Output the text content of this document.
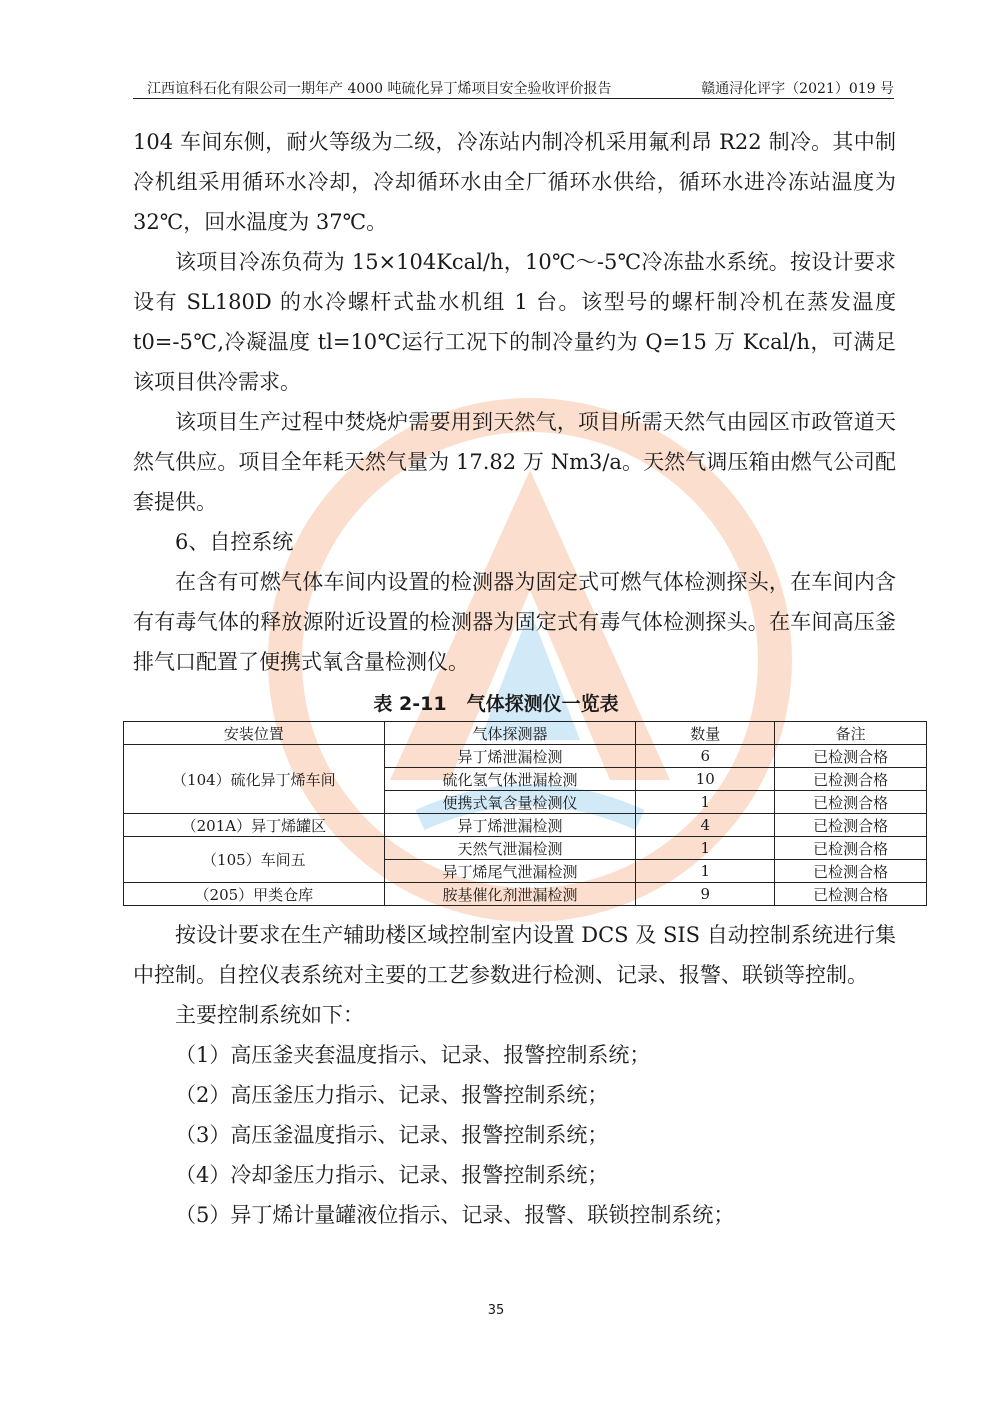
江西谊科石化有限公司一期年产 4000 吨硫化异丁烯项目安全验收评价报告	赣通浔化评字（2021）019 号

104 车间东侧，耐火等级为二级，冷冻站内制冷机采用氟利昂 R22 制冷。其中制冷机组采用循环水冷却，冷却循环水由全厂循环水供给，循环水进冷冻站温度为 32℃，回水温度为 37℃。

该项目冷冻负荷为 15×104Kcal/h，10℃～-5℃冷冻盐水系统。按设计要求设有 SL180D 的水冷螺杆式盐水机组 1 台。该型号的螺杆制冷机在蒸发温度 t0=-5℃,冷凝温度 tl=10℃运行工况下的制冷量约为 Q=15 万 Kcal/h，可满足该项目供冷需求。

该项目生产过程中焚烧炉需要用到天然气，项目所需天然气由园区市政管道天然气供应。项目全年耗天然气量为 17.82 万 Nm3/a。天然气调压箱由燃气公司配套提供。

6、自控系统

在含有可燃气体车间内设置的检测器为固定式可燃气体检测探头，在车间内含有有毒气体的释放源附近设置的检测器为固定式有毒气体检测探头。在车间高压釜排气口配置了便携式氧含量检测仪。

表 2-11 气体探测仪一览表
安装位置	气体探测器	数量	备注
（104）硫化异丁烯车间	异丁烯泄漏检测	6	已检测合格
	硫化氢气体泄漏检测	10	已检测合格
	便携式氧含量检测仪	1	已检测合格
（201A）异丁烯罐区	异丁烯泄漏检测	4	已检测合格
（105）车间五	天然气泄漏检测	1	已检测合格
	异丁烯尾气泄漏检测	1	已检测合格
（205）甲类仓库	胺基催化剂泄漏检测	9	已检测合格

按设计要求在生产辅助楼区域控制室内设置 DCS 及 SIS 自动控制系统进行集中控制。自控仪表系统对主要的工艺参数进行检测、记录、报警、联锁等控制。

主要控制系统如下：

（1）高压釜夹套温度指示、记录、报警控制系统；

（2）高压釜压力指示、记录、报警控制系统；

（3）高压釜温度指示、记录、报警控制系统；

（4）冷却釜压力指示、记录、报警控制系统；

（5）异丁烯计量罐液位指示、记录、报警、联锁控制系统；

35
